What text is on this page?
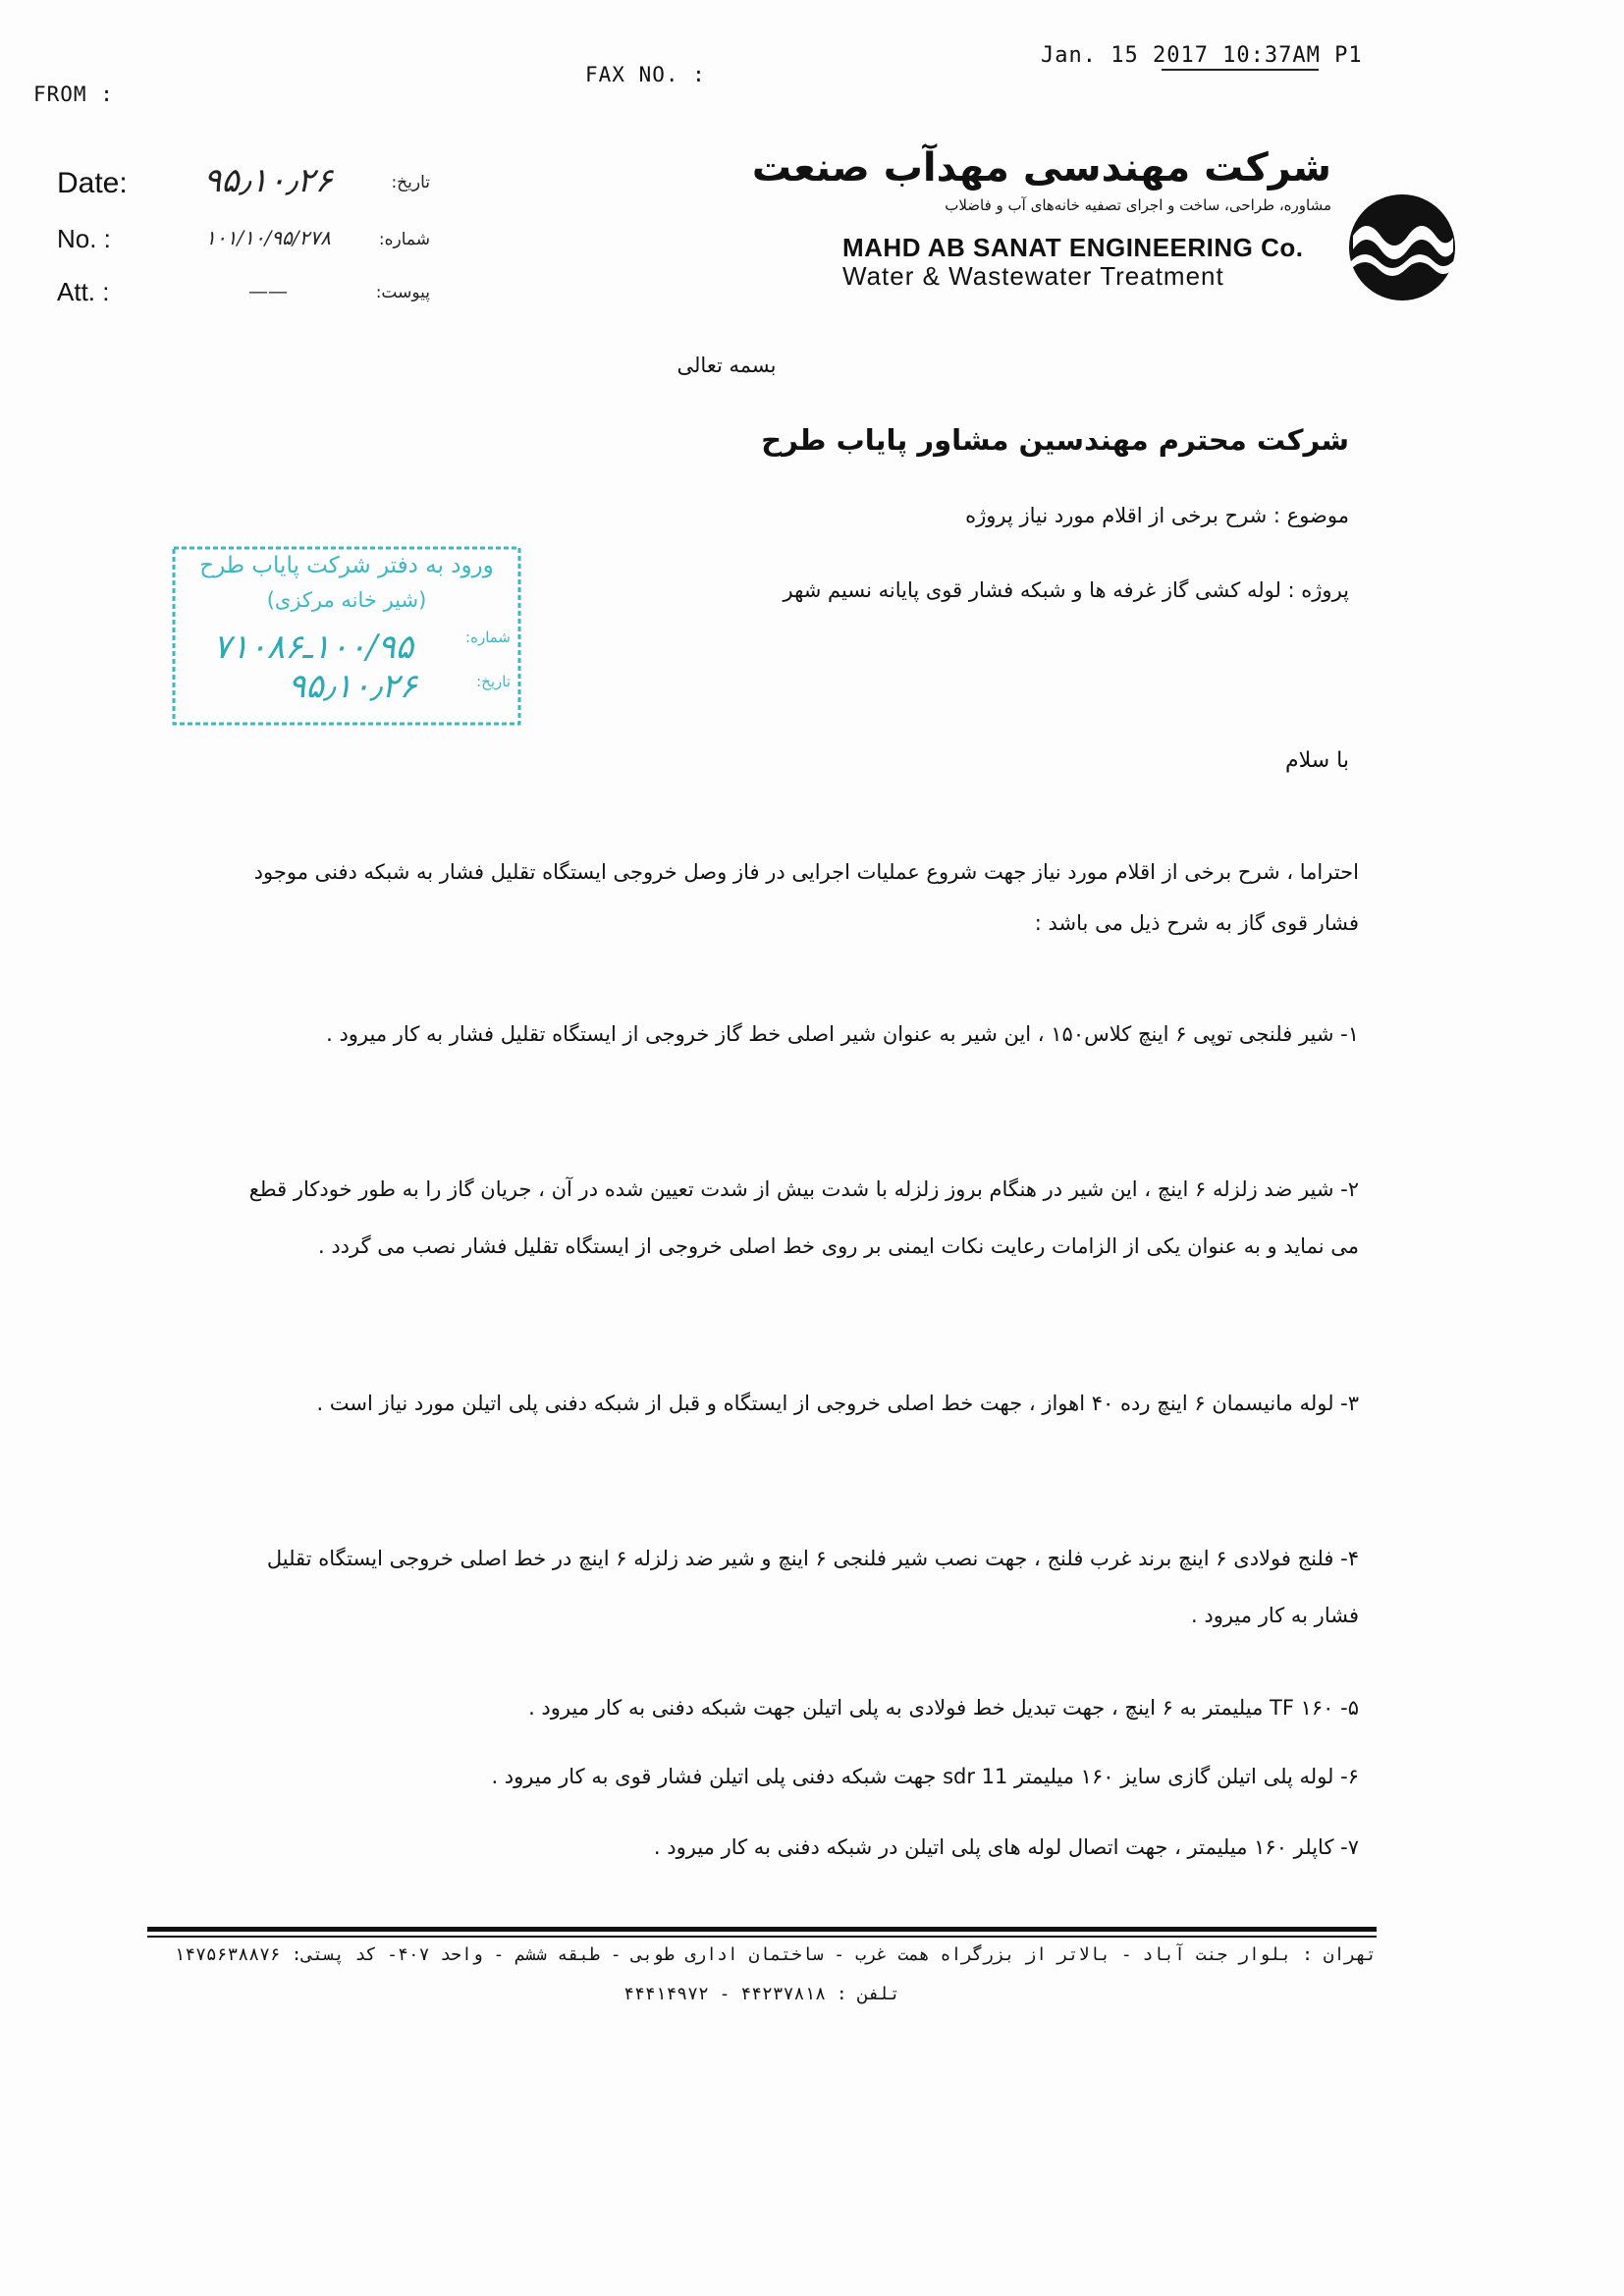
FROM :
FAX NO. :
Jan. 15 2017 10:37AM P1
Date:	۹۵٫۱۰٫۲۶	تاریخ:
No. :	۱۰۱/۱۰/۹۵/۲۷۸	شماره:
Att. :	——	پیوست:
شرکت مهندسی مهدآب صنعت
مشاوره، طراحی، ساخت و اجرای تصفیه خانه‌های آب و فاضلاب
MAHD AB SANAT ENGINEERING Co.
Water & Wastewater Treatment
ورود به دفتر شرکت پایاب طرح
(شیر خانه مرکزی)
شماره:
۱۰۰/۹۵ـ۷۱۰۸۶
تاریخ:
۹۵٫۱۰٫۲۶
بسمه تعالی
شرکت محترم مهندسین مشاور پایاب طرح
موضوع : شرح برخی از اقلام مورد نیاز پروژه
پروژه : لوله کشی گاز غرفه ها و شبکه فشار قوی پایانه نسیم شهر
با سلام
احتراما ، شرح برخی از اقلام مورد نیاز جهت شروع عملیات اجرایی در فاز وصل خروجی ایستگاه تقلیل فشار به شبکه دفنی موجود فشار قوی گاز به شرح ذیل می باشد :
۱- شیر فلنجی توپی ۶ اینچ کلاس۱۵۰ ، این شیر به عنوان شیر اصلی خط گاز خروجی از ایستگاه تقلیل فشار به کار میرود .
۲- شیر ضد زلزله ۶ اینچ ، این شیر در هنگام بروز زلزله با شدت بیش از شدت تعیین شده در آن ، جریان گاز را به طور خودکار قطع می نماید و به عنوان یکی از الزامات رعایت نکات ایمنی بر روی خط اصلی خروجی از ایستگاه تقلیل فشار نصب می گردد .
۳- لوله مانیسمان ۶ اینچ رده ۴۰ اهواز ، جهت خط اصلی خروجی از ایستگاه و قبل از شبکه دفنی پلی اتیلن مورد نیاز است .
۴- فلنج فولادی ۶ اینچ برند غرب فلنج ، جهت نصب شیر فلنجی ۶ اینچ و شیر ضد زلزله ۶ اینچ در خط اصلی خروجی ایستگاه تقلیل فشار به کار میرود .
۵- TF ۱۶۰ میلیمتر به ۶ اینچ ، جهت تبدیل خط فولادی به پلی اتیلن جهت شبکه دفنی به کار میرود .
۶- لوله پلی اتیلن گازی سایز ۱۶۰ میلیمتر sdr 11 جهت شبکه دفنی پلی اتیلن فشار قوی به کار میرود .
۷- کاپلر ۱۶۰ میلیمتر ، جهت اتصال لوله های پلی اتیلن در شبکه دفنی به کار میرود .
تهران : بلوار جنت آباد - بالاتر از بزرگراه همت غرب - ساختمان اداری طوبی - طبقه ششم - واحد ۴۰۷- کد پستی: ۱۴۷۵۶۳۸۸۷۶
تلفن : ۴۴۲۳۷۸۱۸ - ۴۴۴۱۴۹۷۲
